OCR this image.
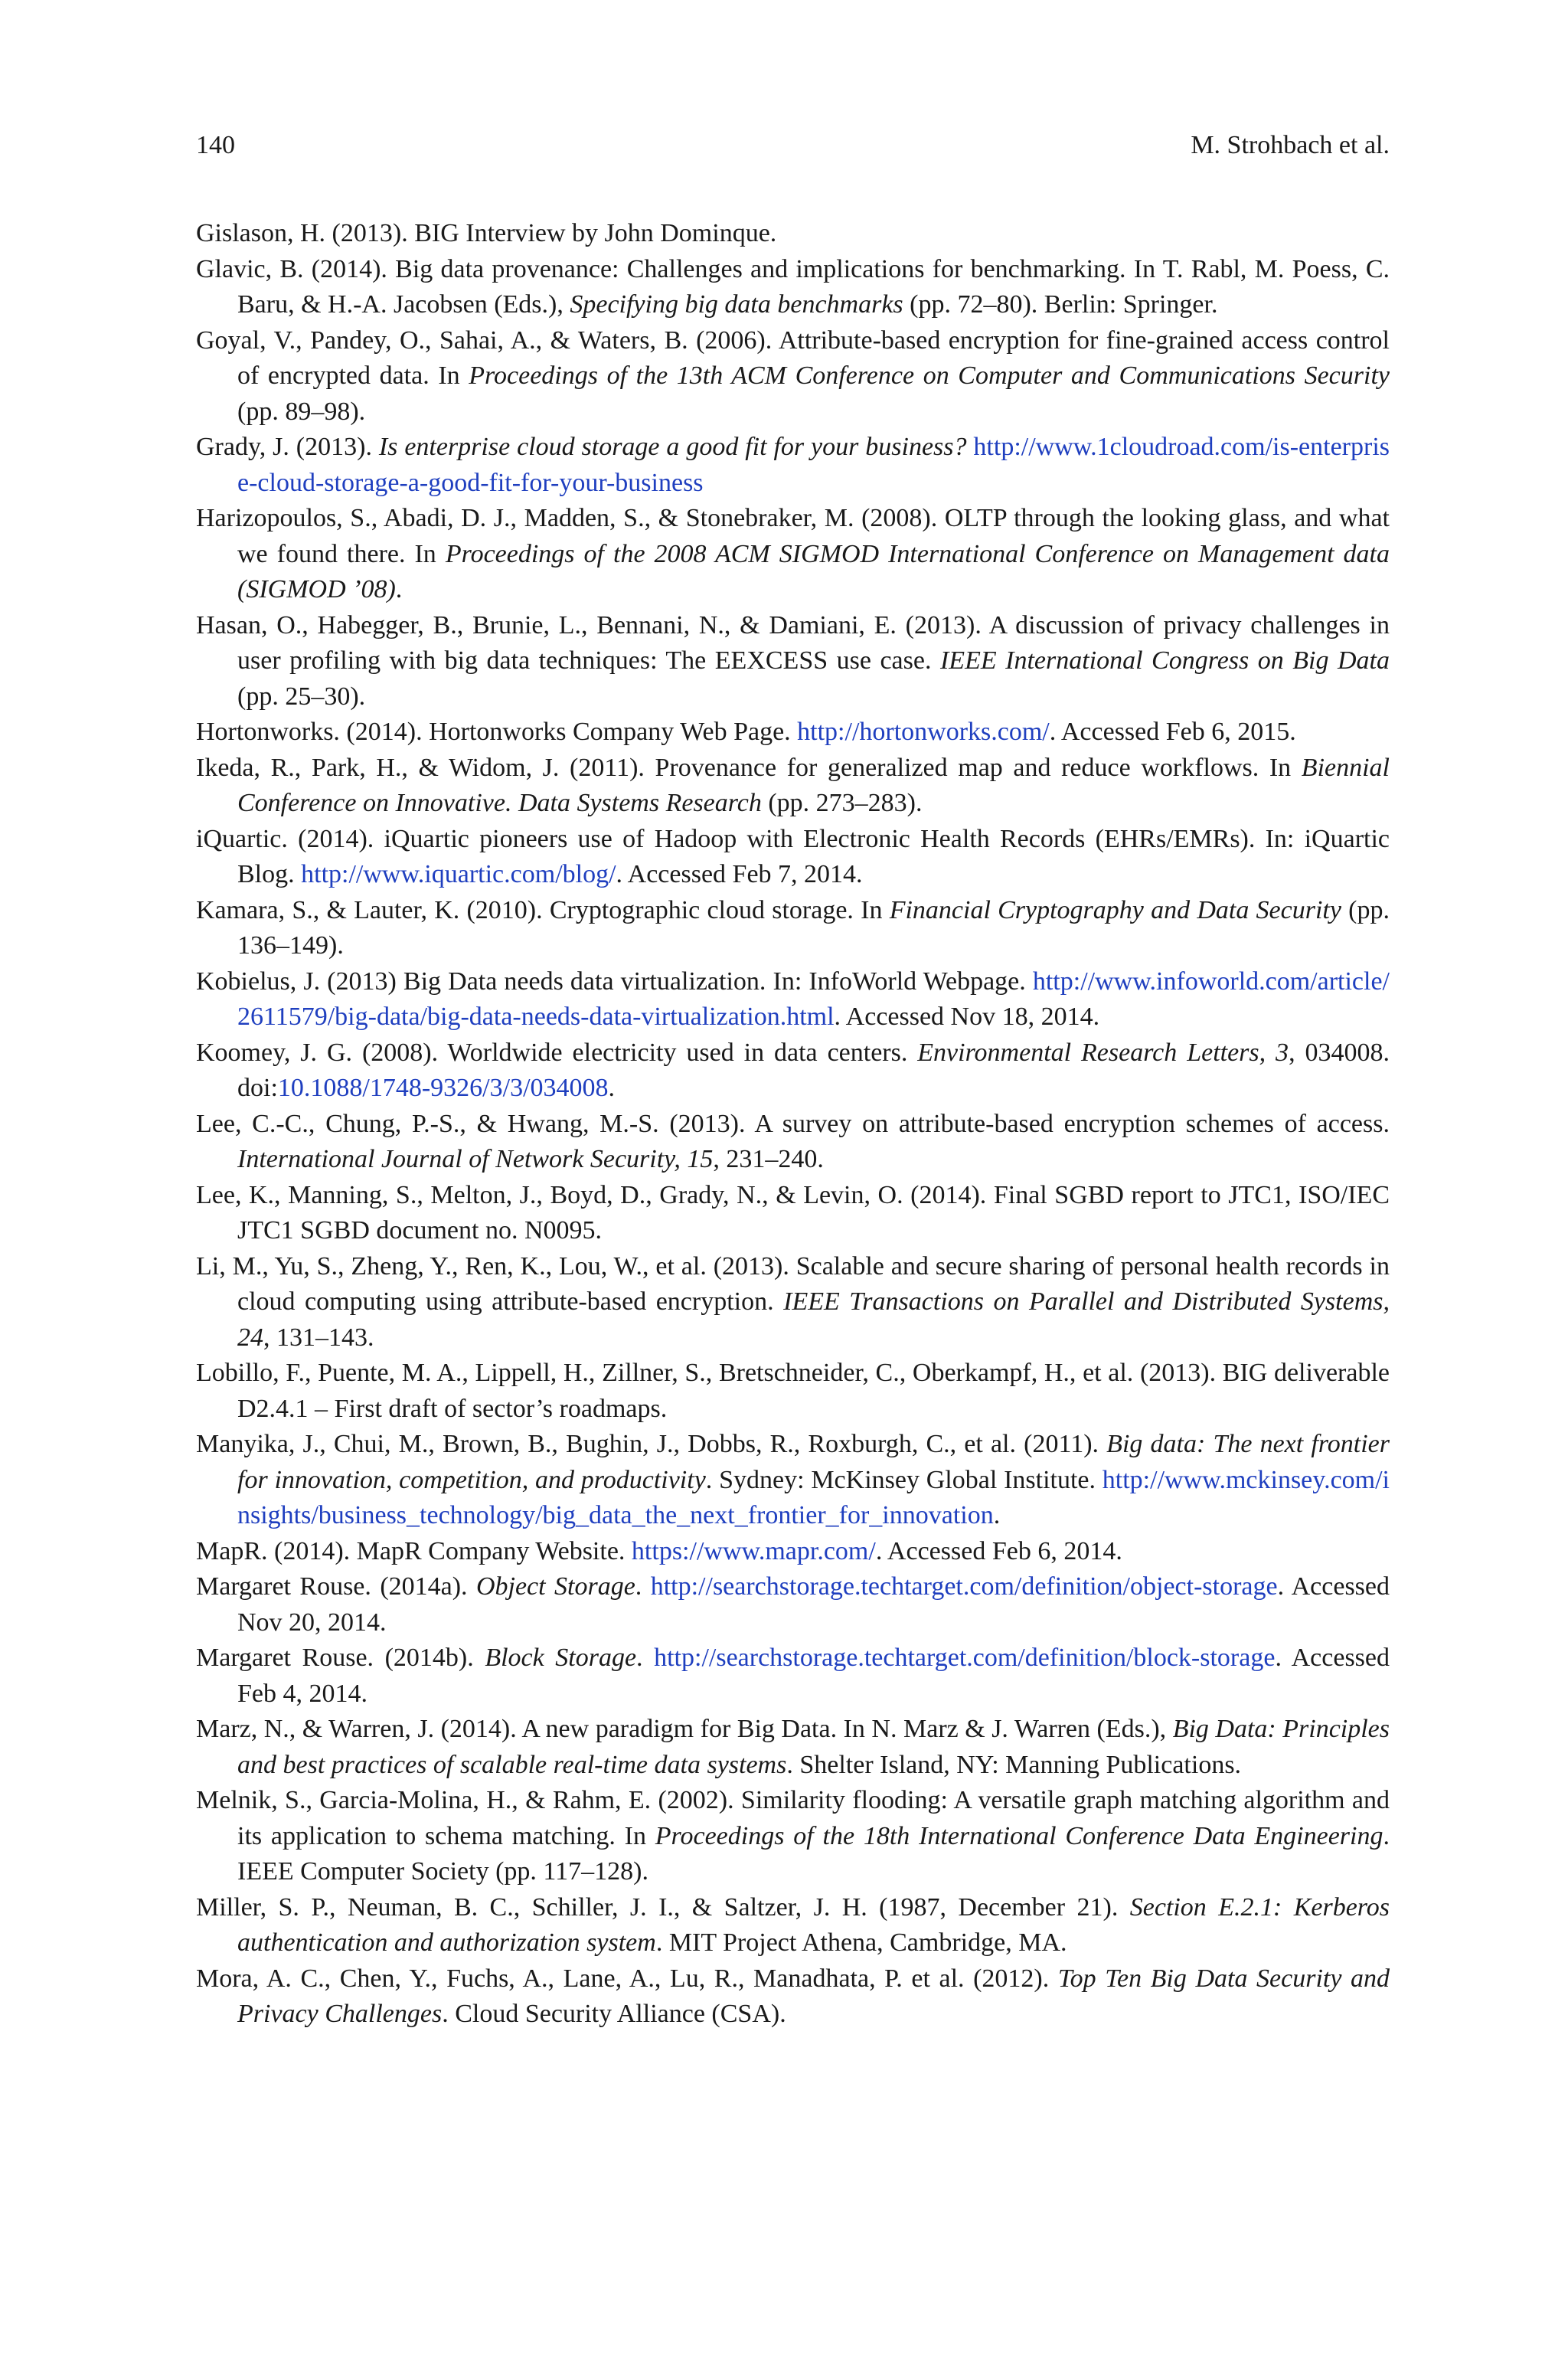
140	M. Strohbach et al.

Gislason, H. (2013). BIG Interview by John Dominque.

Glavic, B. (2014). Big data provenance: Challenges and implications for benchmarking. In T. Rabl, M. Poess, C. Baru, & H.-A. Jacobsen (Eds.), Specifying big data benchmarks (pp. 72–80). Berlin: Springer.

Goyal, V., Pandey, O., Sahai, A., & Waters, B. (2006). Attribute-based encryption for fine-grained access control of encrypted data. In Proceedings of the 13th ACM Conference on Computer and Communications Security (pp. 89–98).

Grady, J. (2013). Is enterprise cloud storage a good fit for your business? http://www.1cloudroad.com/is-enterprise-cloud-storage-a-good-fit-for-your-business

Harizopoulos, S., Abadi, D. J., Madden, S., & Stonebraker, M. (2008). OLTP through the looking glass, and what we found there. In Proceedings of the 2008 ACM SIGMOD International Conference on Management data (SIGMOD ’08).

Hasan, O., Habegger, B., Brunie, L., Bennani, N., & Damiani, E. (2013). A discussion of privacy challenges in user profiling with big data techniques: The EEXCESS use case. IEEE International Congress on Big Data (pp. 25–30).

Hortonworks. (2014). Hortonworks Company Web Page. http://hortonworks.com/. Accessed Feb 6, 2015.

Ikeda, R., Park, H., & Widom, J. (2011). Provenance for generalized map and reduce workflows. In Biennial Conference on Innovative. Data Systems Research (pp. 273–283).

iQuartic. (2014). iQuartic pioneers use of Hadoop with Electronic Health Records (EHRs/EMRs). In: iQuartic Blog. http://www.iquartic.com/blog/. Accessed Feb 7, 2014.

Kamara, S., & Lauter, K. (2010). Cryptographic cloud storage. In Financial Cryptography and Data Security (pp. 136–149).

Kobielus, J. (2013) Big Data needs data virtualization. In: InfoWorld Webpage. http://www.infoworld.com/article/2611579/big-data/big-data-needs-data-virtualization.html. Accessed Nov 18, 2014.

Koomey, J. G. (2008). Worldwide electricity used in data centers. Environmental Research Letters, 3, 034008. doi:10.1088/1748-9326/3/3/034008.

Lee, C.-C., Chung, P.-S., & Hwang, M.-S. (2013). A survey on attribute-based encryption schemes of access. International Journal of Network Security, 15, 231–240.

Lee, K., Manning, S., Melton, J., Boyd, D., Grady, N., & Levin, O. (2014). Final SGBD report to JTC1, ISO/IEC JTC1 SGBD document no. N0095.

Li, M., Yu, S., Zheng, Y., Ren, K., Lou, W., et al. (2013). Scalable and secure sharing of personal health records in cloud computing using attribute-based encryption. IEEE Transactions on Parallel and Distributed Systems, 24, 131–143.

Lobillo, F., Puente, M. A., Lippell, H., Zillner, S., Bretschneider, C., Oberkampf, H., et al. (2013). BIG deliverable D2.4.1 – First draft of sector’s roadmaps.

Manyika, J., Chui, M., Brown, B., Bughin, J., Dobbs, R., Roxburgh, C., et al. (2011). Big data: The next frontier for innovation, competition, and productivity. Sydney: McKinsey Global Institute. http://www.mckinsey.com/insights/business_technology/big_data_the_next_frontier_for_innovation.

MapR. (2014). MapR Company Website. https://www.mapr.com/. Accessed Feb 6, 2014.

Margaret Rouse. (2014a). Object Storage. http://searchstorage.techtarget.com/definition/object-storage. Accessed Nov 20, 2014.

Margaret Rouse. (2014b). Block Storage. http://searchstorage.techtarget.com/definition/block-storage. Accessed Feb 4, 2014.

Marz, N., & Warren, J. (2014). A new paradigm for Big Data. In N. Marz & J. Warren (Eds.), Big Data: Principles and best practices of scalable real-time data systems. Shelter Island, NY: Manning Publications.

Melnik, S., Garcia-Molina, H., & Rahm, E. (2002). Similarity flooding: A versatile graph matching algorithm and its application to schema matching. In Proceedings of the 18th International Conference Data Engineering. IEEE Computer Society (pp. 117–128).

Miller, S. P., Neuman, B. C., Schiller, J. I., & Saltzer, J. H. (1987, December 21). Section E.2.1: Kerberos authentication and authorization system. MIT Project Athena, Cambridge, MA.

Mora, A. C., Chen, Y., Fuchs, A., Lane, A., Lu, R., Manadhata, P. et al. (2012). Top Ten Big Data Security and Privacy Challenges. Cloud Security Alliance (CSA).
